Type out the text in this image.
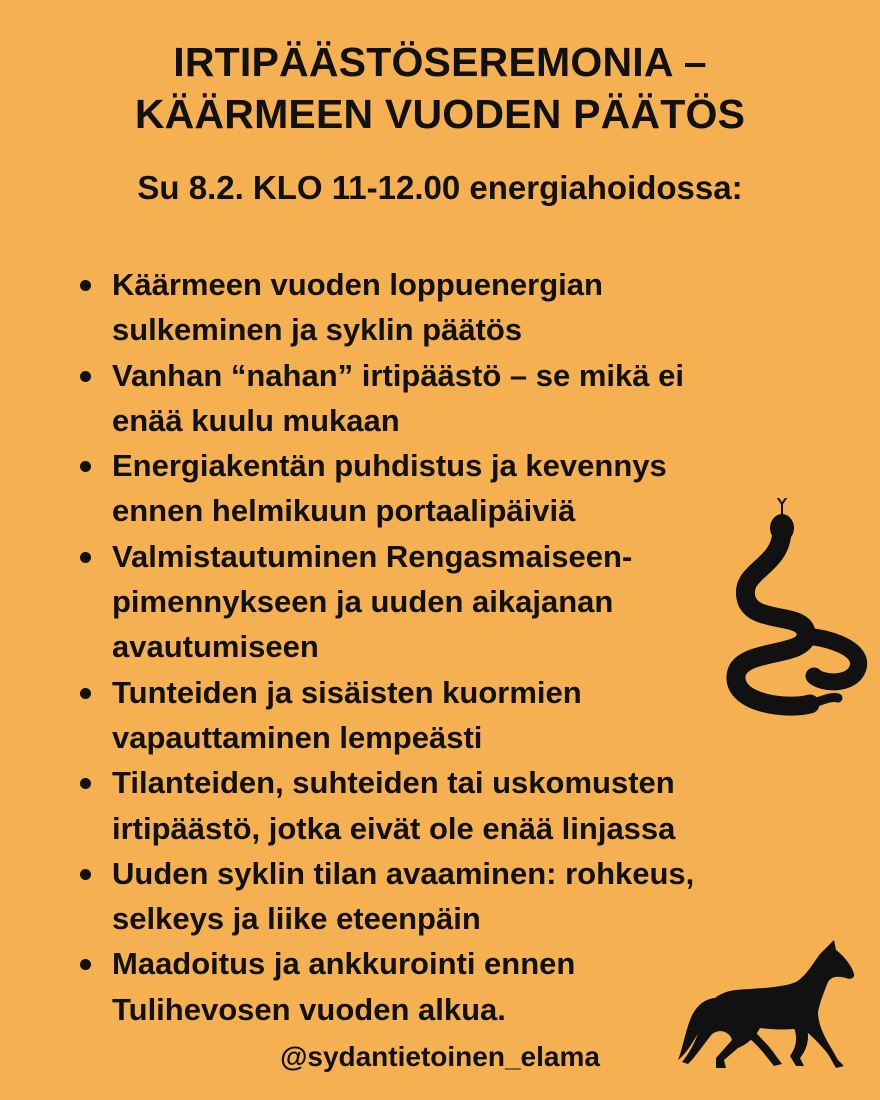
IRTIPÄÄSTÖSEREMONIA –
KÄÄRMEEN VUODEN PÄÄTÖS
Su 8.2. KLO 11-12.00 energiahoidossa:
Käärmeen vuoden loppuenergian
sulkeminen ja syklin päätös
Vanhan “nahan” irtipäästö – se mikä ei
enää kuulu mukaan
Energiakentän puhdistus ja kevennys
ennen helmikuun portaalipäiviä
Valmistautuminen Rengasmaiseen-
pimennykseen ja uuden aikajanan
avautumiseen
Tunteiden ja sisäisten kuormien
vapauttaminen lempeästi
Tilanteiden, suhteiden tai uskomusten
irtipäästö, jotka eivät ole enää linjassa
Uuden syklin tilan avaaminen: rohkeus,
selkeys ja liike eteenpäin
Maadoitus ja ankkurointi ennen
Tulihevosen vuoden alkua.
@sydantietoinen_elama
